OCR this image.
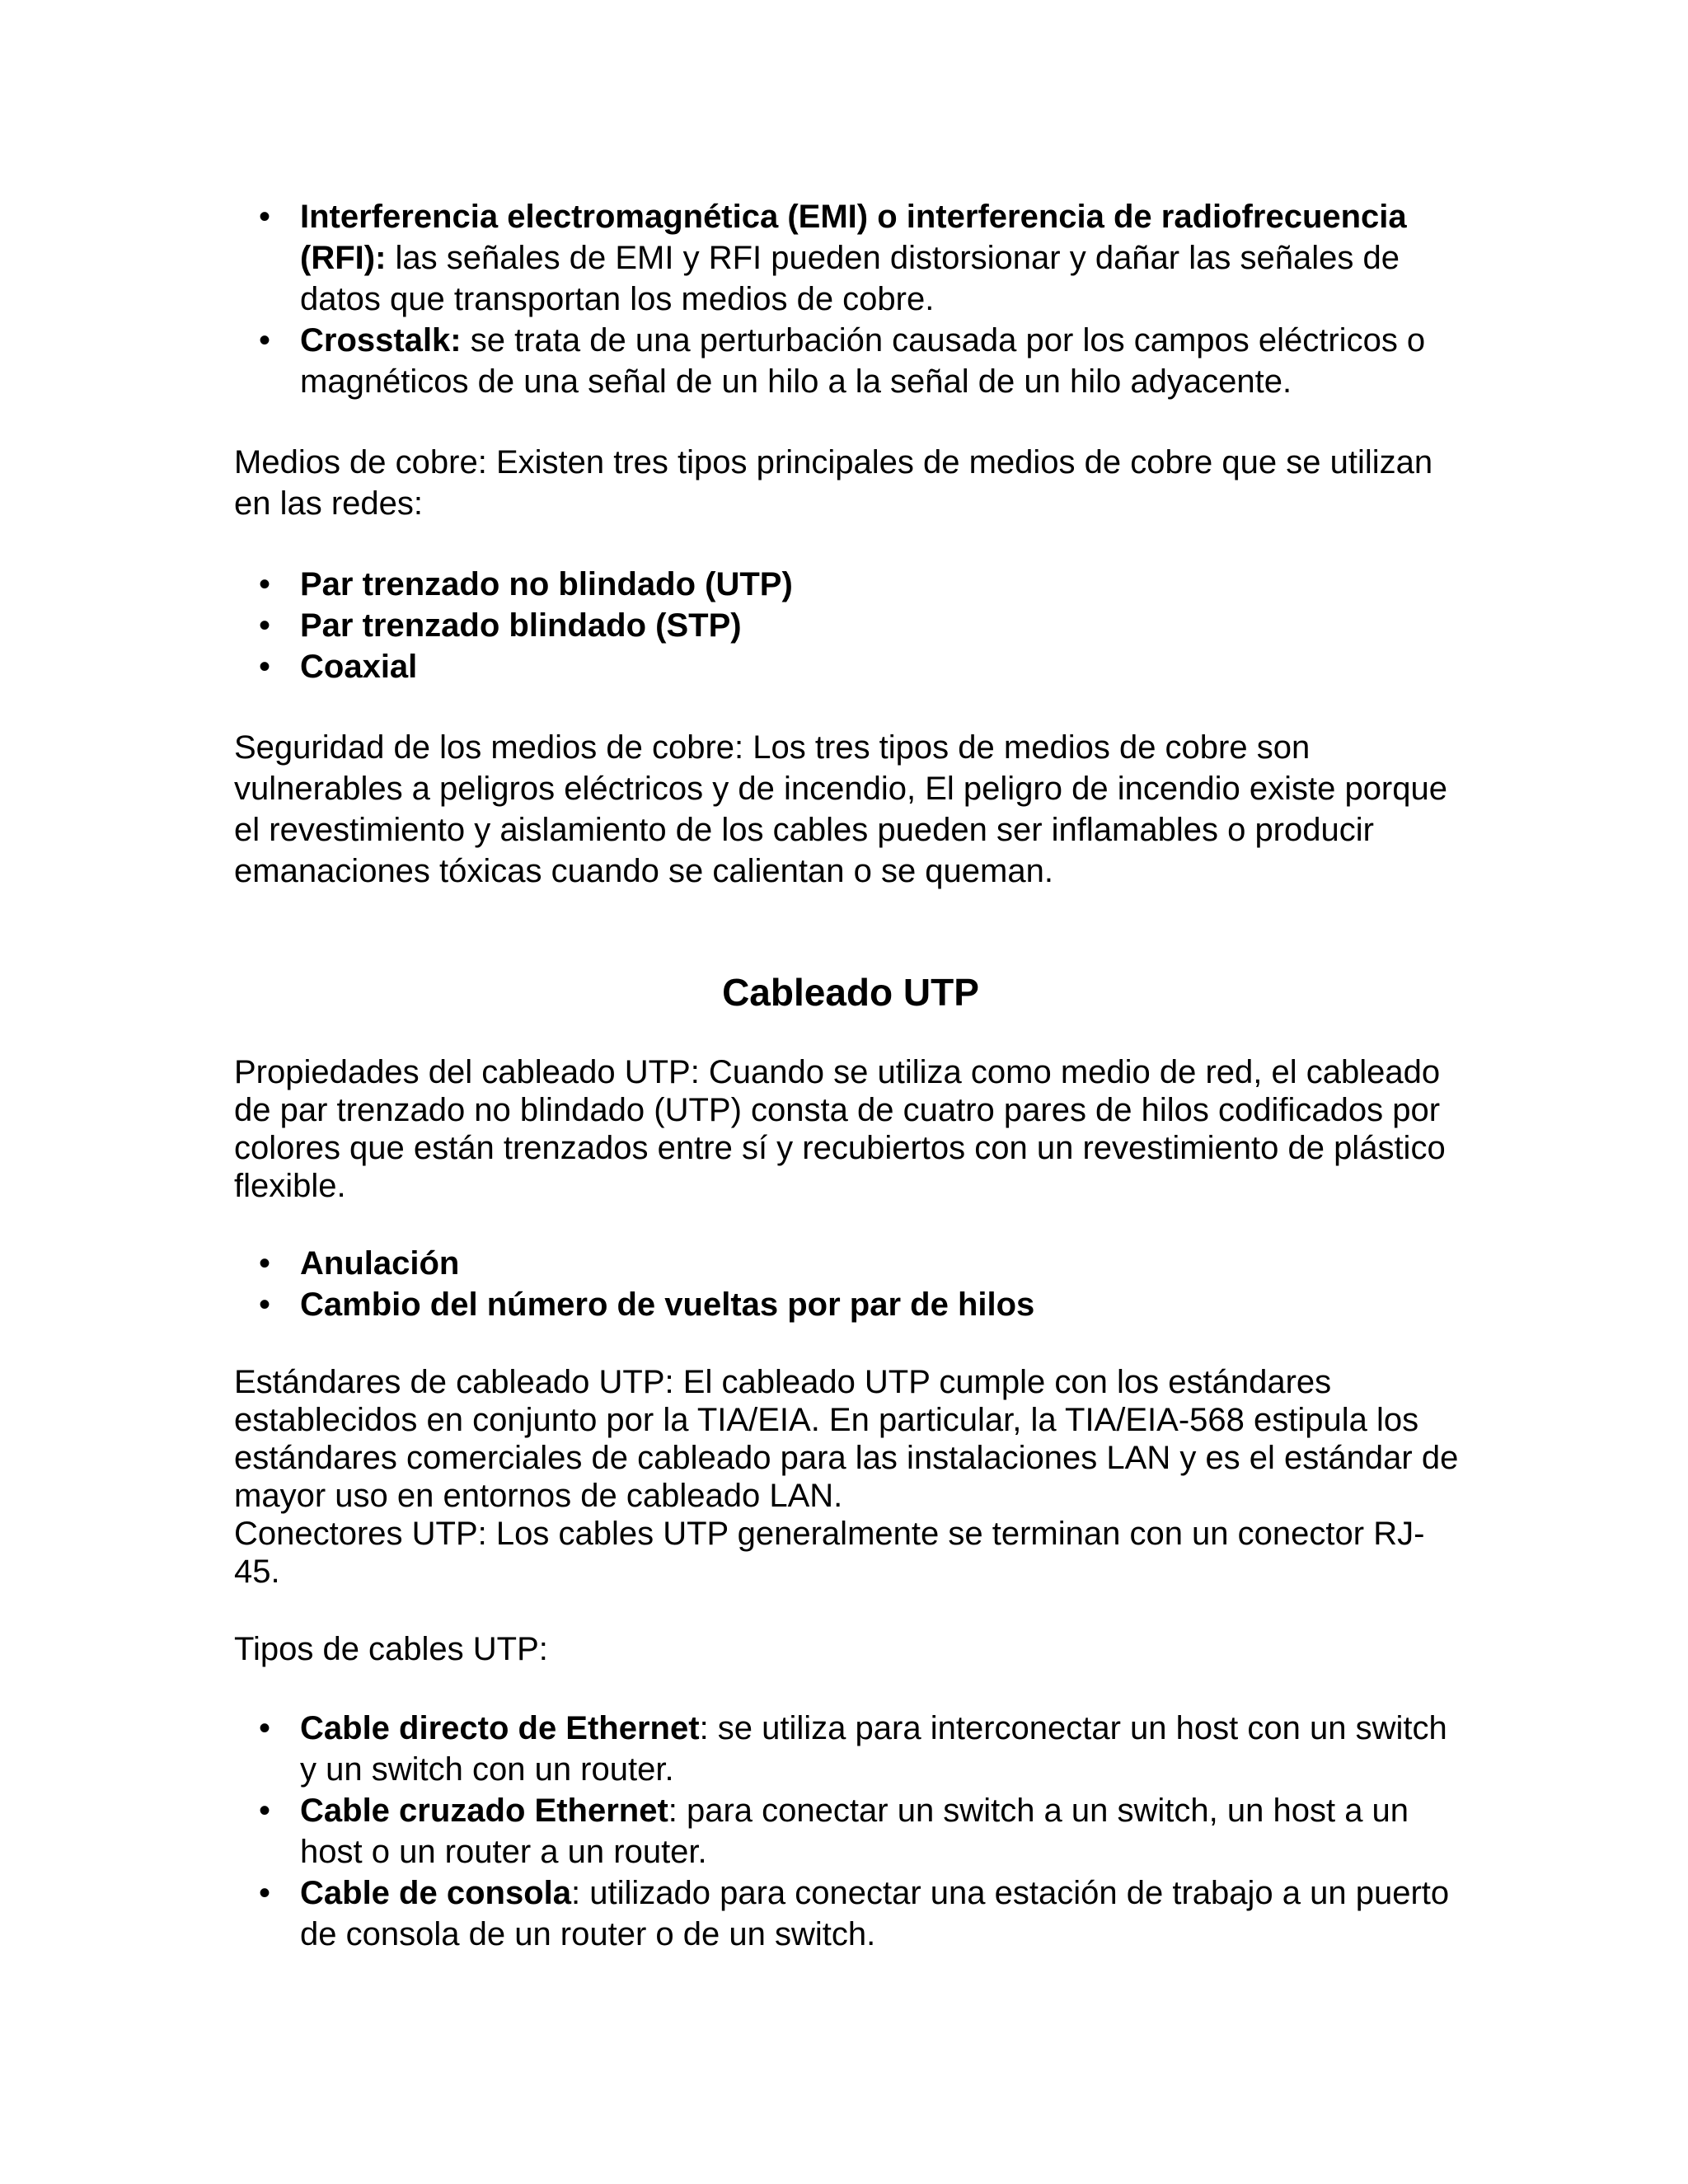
• Interferencia electromagnética (EMI) o interferencia de radiofrecuencia (RFI): las señales de EMI y RFI pueden distorsionar y dañar las señales de datos que transportan los medios de cobre.
• Crosstalk: se trata de una perturbación causada por los campos eléctricos o magnéticos de una señal de un hilo a la señal de un hilo adyacente.

Medios de cobre: Existen tres tipos principales de medios de cobre que se utilizan en las redes:

• Par trenzado no blindado (UTP)
• Par trenzado blindado (STP)
• Coaxial

Seguridad de los medios de cobre: Los tres tipos de medios de cobre son vulnerables a peligros eléctricos y de incendio, El peligro de incendio existe porque el revestimiento y aislamiento de los cables pueden ser inflamables o producir emanaciones tóxicas cuando se calientan o se queman.

Cableado UTP

Propiedades del cableado UTP: Cuando se utiliza como medio de red, el cableado de par trenzado no blindado (UTP) consta de cuatro pares de hilos codificados por colores que están trenzados entre sí y recubiertos con un revestimiento de plástico flexible.

• Anulación
• Cambio del número de vueltas por par de hilos

Estándares de cableado UTP: El cableado UTP cumple con los estándares establecidos en conjunto por la TIA/EIA. En particular, la TIA/EIA-568 estipula los estándares comerciales de cableado para las instalaciones LAN y es el estándar de mayor uso en entornos de cableado LAN.

Conectores UTP: Los cables UTP generalmente se terminan con un conector RJ-45.

Tipos de cables UTP:

• Cable directo de Ethernet: se utiliza para interconectar un host con un switch y un switch con un router.
• Cable cruzado Ethernet: para conectar un switch a un switch, un host a un host o un router a un router.
• Cable de consola: utilizado para conectar una estación de trabajo a un puerto de consola de un router o de un switch.
